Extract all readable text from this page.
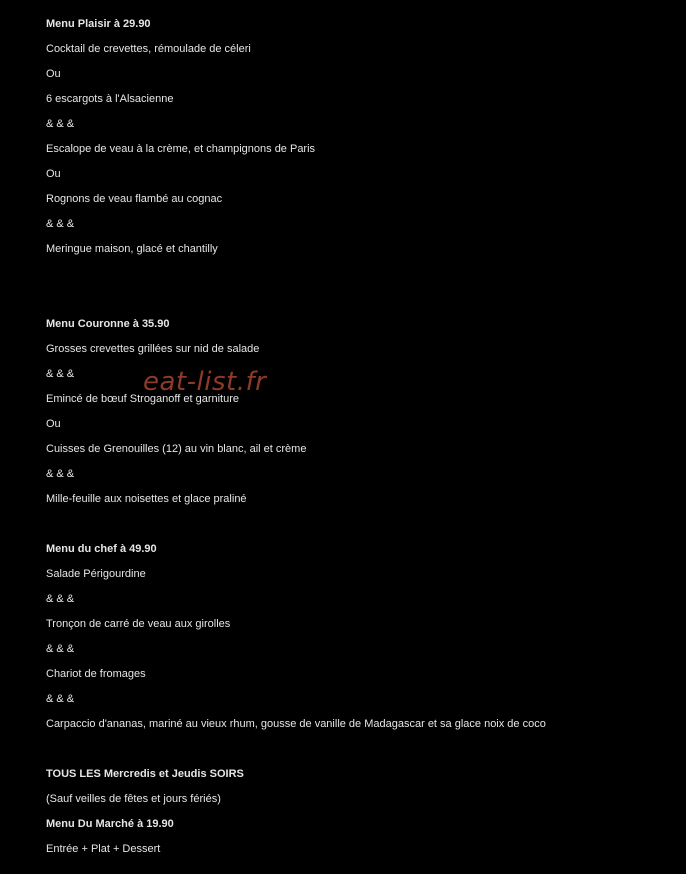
Menu Plaisir à 29.90
Cocktail de crevettes, rémoulade de céleri
Ou
6 escargots à l'Alsacienne
& & &
Escalope de veau à la crème, et champignons de Paris
Ou
Rognons de veau flambé au cognac
& & &
Meringue maison, glacé et chantilly
Menu Couronne à 35.90
Grosses crevettes grillées sur nid de salade
& & &
Emincé de bœuf Stroganoff et garniture
Ou
Cuisses de Grenouilles (12) au vin blanc, ail et crème
& & &
Mille-feuille aux noisettes et glace praliné
Menu du chef à 49.90
Salade Périgourdine
& & &
Tronçon de carré de veau aux girolles
& & &
Chariot de fromages
& & &
Carpaccio d'ananas, mariné au vieux rhum, gousse de vanille de Madagascar et sa glace noix de coco
TOUS LES Mercredis et Jeudis SOIRS
(Sauf veilles de fêtes et jours fériés)
Menu Du Marché à 19.90
Entrée + Plat + Dessert
eat-list.fr
